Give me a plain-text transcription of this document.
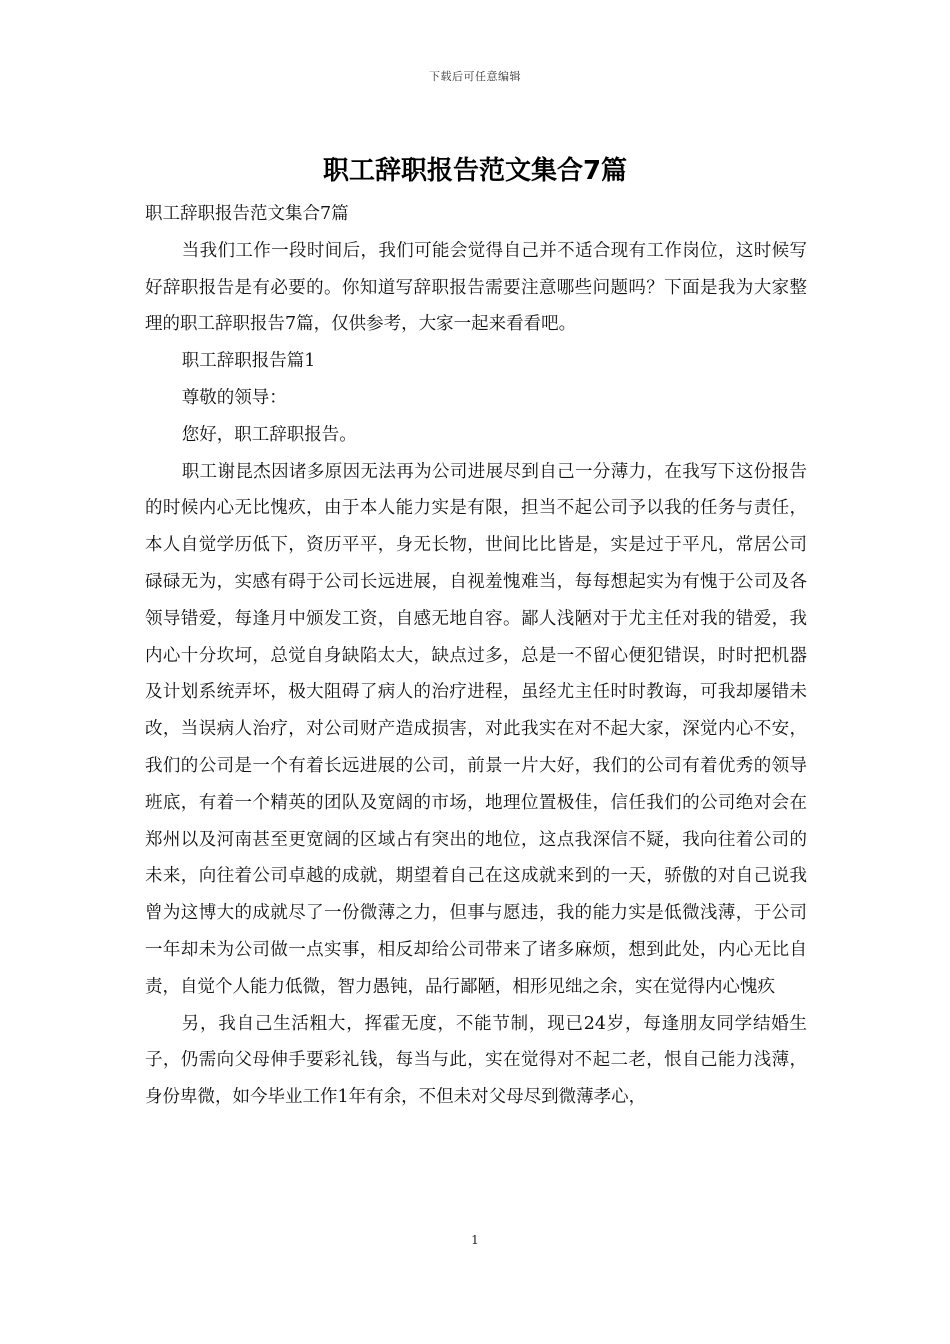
下载后可任意编辑
职工辞职报告范文集合7篇

职工辞职报告范文集合7篇

当我们工作一段时间后，我们可能会觉得自己并不适合现有工作岗位，这时候写好辞职报告是有必要的。你知道写辞职报告需要注意哪些问题吗？下面是我为大家整理的职工辞职报告7篇，仅供参考，大家一起来看看吧。

职工辞职报告篇1

尊敬的领导：

您好，职工辞职报告。

职工谢昆杰因诸多原因无法再为公司进展尽到自己一分薄力，在我写下这份报告的时候内心无比愧疚，由于本人能力实是有限，担当不起公司予以我的任务与责任，本人自觉学历低下，资历平平，身无长物，世间比比皆是，实是过于平凡，常居公司碌碌无为，实感有碍于公司长远进展，自视羞愧难当，每每想起实为有愧于公司及各领导错爱，每逢月中颁发工资，自感无地自容。鄙人浅陋对于尤主任对我的错爱，我内心十分坎坷，总觉自身缺陷太大，缺点过多，总是一不留心便犯错误，时时把机器及计划系统弄坏，极大阻碍了病人的治疗进程，虽经尤主任时时教诲，可我却屡错未改，当误病人治疗，对公司财产造成损害，对此我实在对不起大家，深觉内心不安，我们的公司是一个有着长远进展的公司，前景一片大好，我们的公司有着优秀的领导班底，有着一个精英的团队及宽阔的市场，地理位置极佳，信任我们的公司绝对会在郑州以及河南甚至更宽阔的区域占有突出的地位，这点我深信不疑，我向往着公司的未来，向往着公司卓越的成就，期望着自己在这成就来到的一天，骄傲的对自己说我曾为这博大的成就尽了一份微薄之力，但事与愿违，我的能力实是低微浅薄，于公司一年却未为公司做一点实事，相反却给公司带来了诸多麻烦，想到此处，内心无比自责，自觉个人能力低微，智力愚钝，品行鄙陋，相形见绌之余，实在觉得内心愧疚

另，我自己生活粗大，挥霍无度，不能节制，现已24岁，每逢朋友同学结婚生子，仍需向父母伸手要彩礼钱，每当与此，实在觉得对不起二老，恨自己能力浅薄，身份卑微，如今毕业工作1年有余，不但未对父母尽到微薄孝心，

1
